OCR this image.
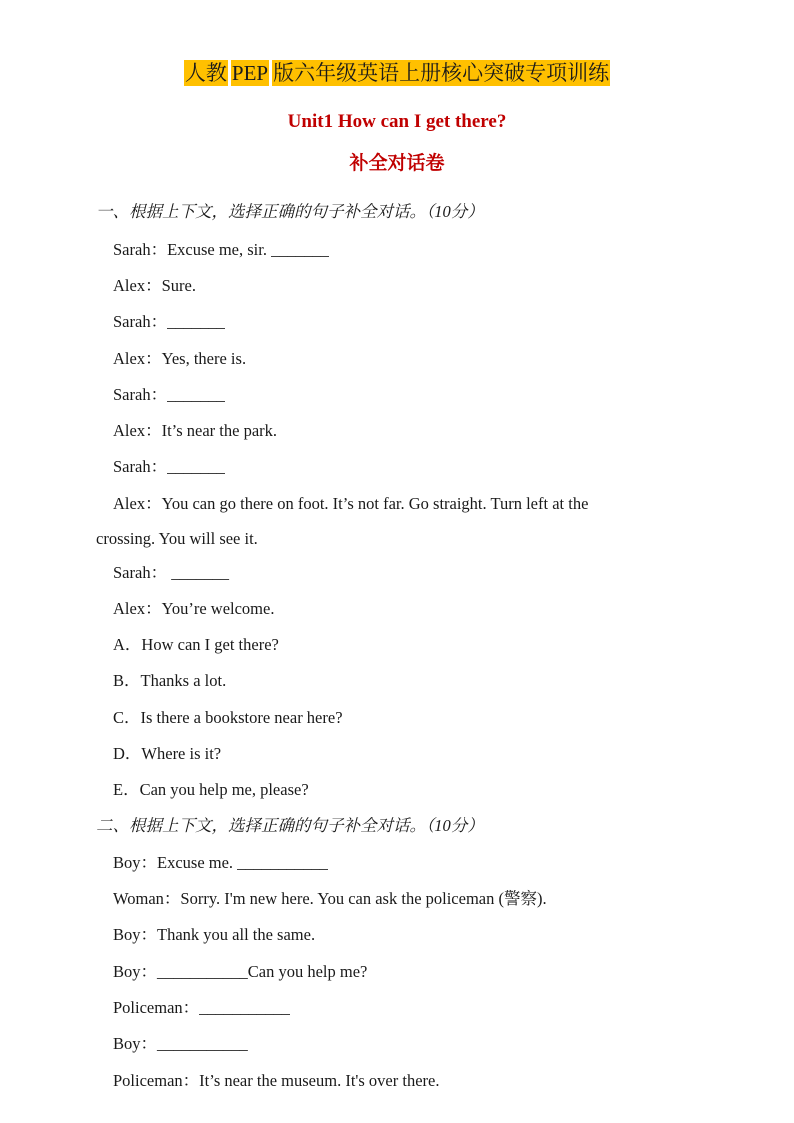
人教 PEP 版六年级英语上册核心突破专项训练
Unit1 How can I get there?
补全对话卷
一、根据上下文，选择正确的句子补全对话。（10分）
Sarah：Excuse me, sir. _______
Alex：Sure.
Sarah：_______
Alex：Yes, there is.
Sarah：_______
Alex：It’s near the park.
Sarah：_______
Alex：You can go there on foot. It’s not far. Go straight. Turn left at the
crossing. You will see it.
Sarah： _______
Alex：You’re welcome.
A．How can I get there?
B．Thanks a lot.
C．Is there a bookstore near here?
D．Where is it?
E．Can you help me, please?
二、根据上下文，选择正确的句子补全对话。（10分）
Boy：Excuse me. ___________
Woman：Sorry. I'm new here. You can ask the policeman (警察).
Boy：Thank you all the same.
Boy：___________Can you help me?
Policeman：___________
Boy：___________
Policeman：It’s near the museum. It's over there.
